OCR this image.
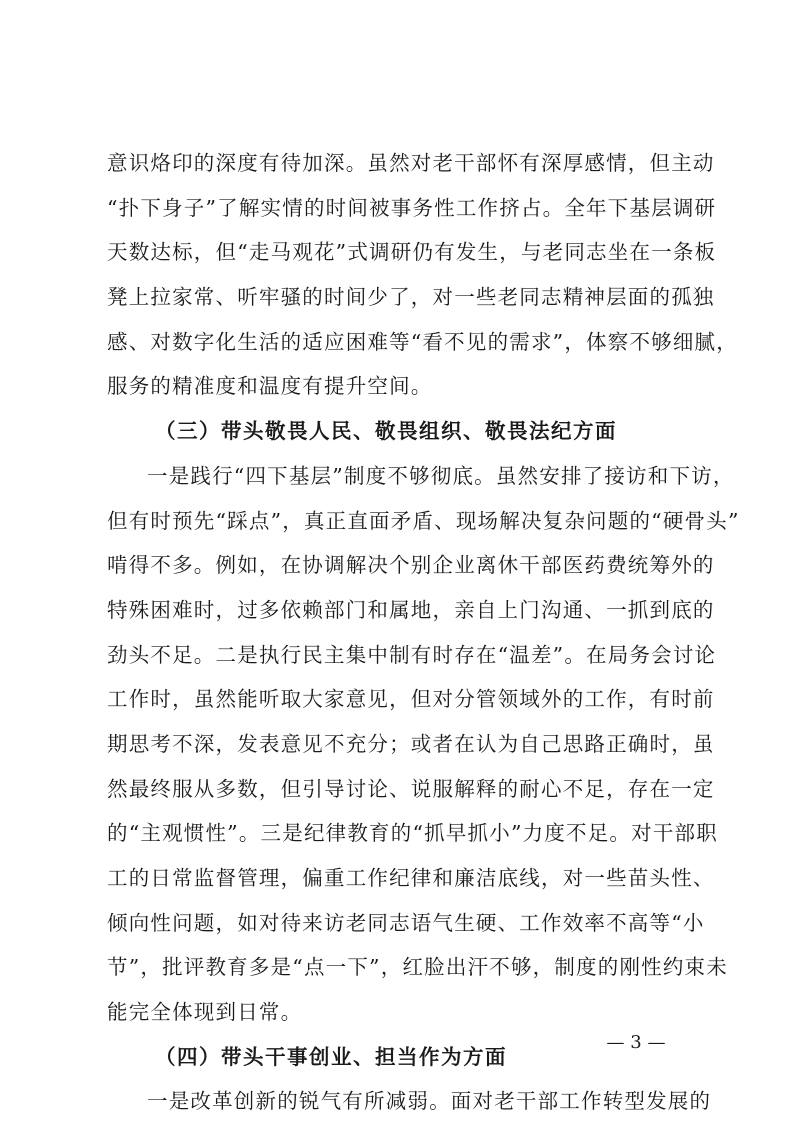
意识烙印的深度有待加深。虽然对老干部怀有深厚感情，但主动
“扑下身子”了解实情的时间被事务性工作挤占。全年下基层调研
天数达标，但“走马观花”式调研仍有发生，与老同志坐在一条板
凳上拉家常、听牢骚的时间少了，对一些老同志精神层面的孤独
感、对数字化生活的适应困难等“看不见的需求”，体察不够细腻，
服务的精准度和温度有提升空间。
（三）带头敬畏人民、敬畏组织、敬畏法纪方面
一是践行“四下基层”制度不够彻底。虽然安排了接访和下访，
但有时预先“踩点”，真正直面矛盾、现场解决复杂问题的“硬骨头”
啃得不多。例如，在协调解决个别企业离休干部医药费统筹外的
特殊困难时，过多依赖部门和属地，亲自上门沟通、一抓到底的
劲头不足。二是执行民主集中制有时存在“温差”。在局务会讨论
工作时，虽然能听取大家意见，但对分管领域外的工作，有时前
期思考不深，发表意见不充分；或者在认为自己思路正确时，虽
然最终服从多数，但引导讨论、说服解释的耐心不足，存在一定
的“主观惯性”。三是纪律教育的“抓早抓小”力度不足。对干部职
工的日常监督管理，偏重工作纪律和廉洁底线，对一些苗头性、
倾向性问题，如对待来访老同志语气生硬、工作效率不高等“小
节”，批评教育多是“点一下”，红脸出汗不够，制度的刚性约束未
能完全体现到日常。
（四）带头干事创业、担当作为方面
一是改革创新的锐气有所减弱。面对老干部工作转型发展的
— 3 —
